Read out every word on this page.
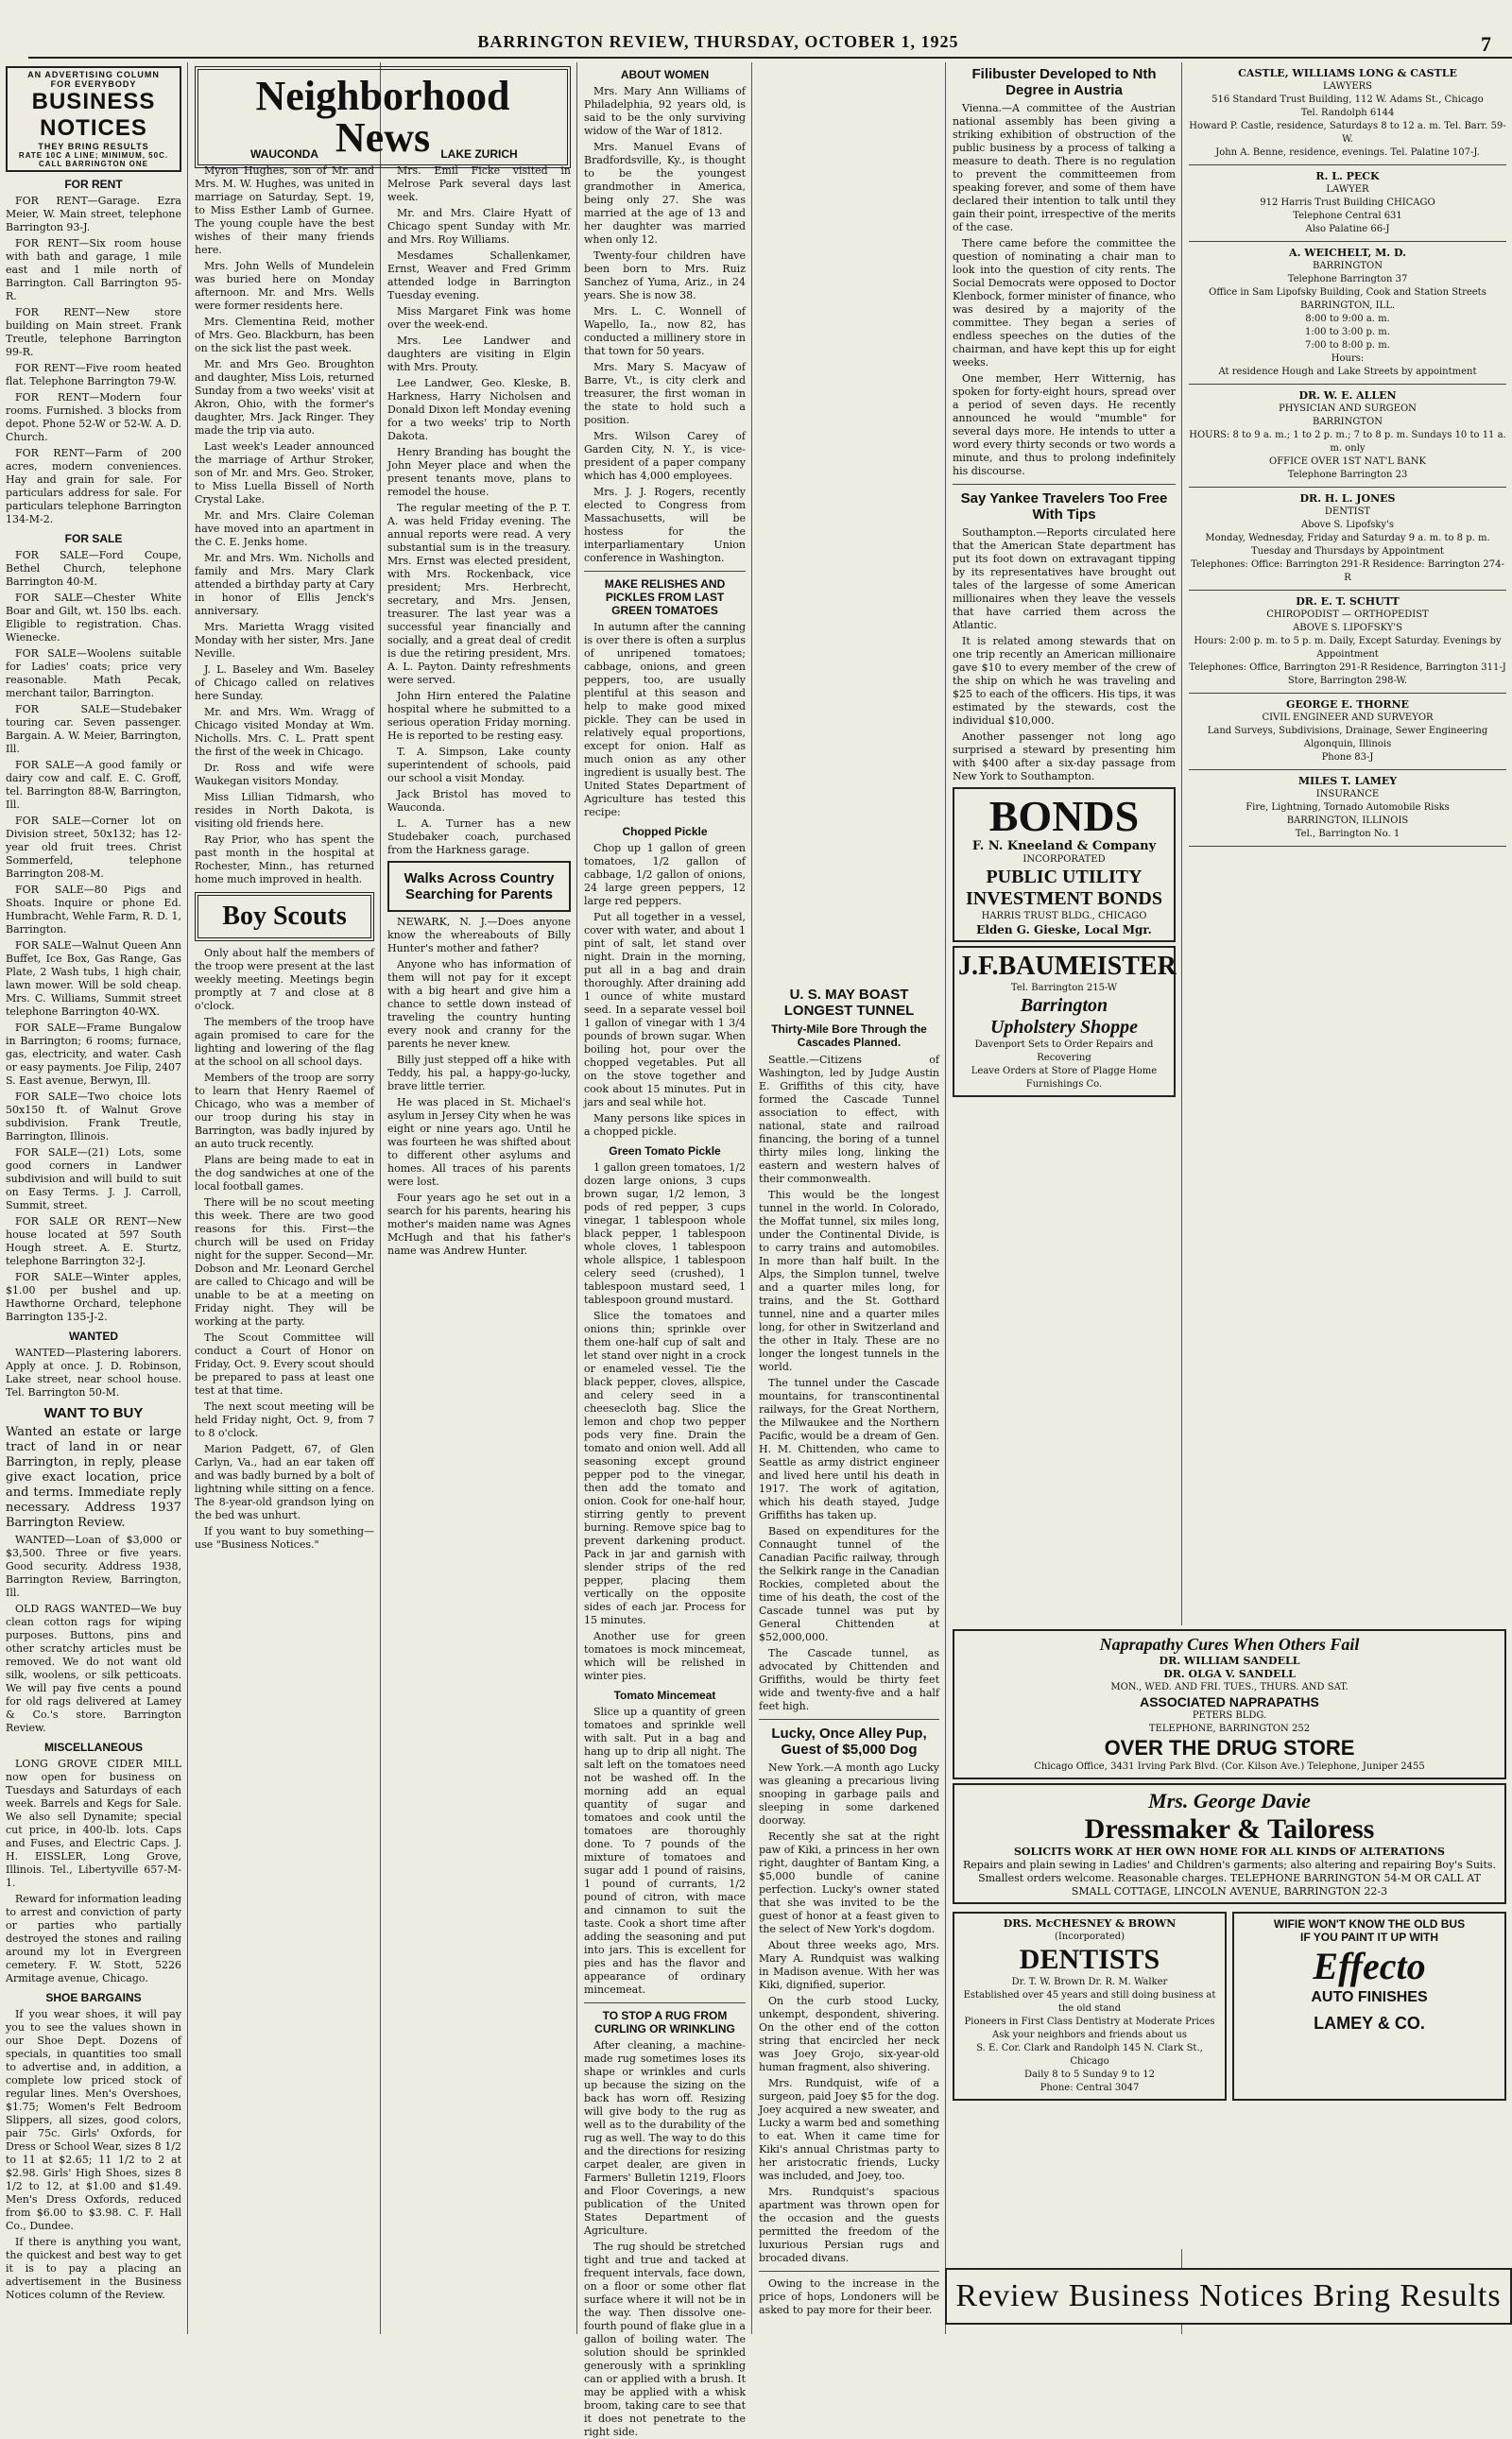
BARRINGTON REVIEW, THURSDAY, OCTOBER 1, 1925	7
AN ADVERTISING COLUMN
FOR EVERYBODY
BUSINESS NOTICES
THEY BRING RESULTS
RATE 10C A LINE; MINIMUM, 50C. CALL BARRINGTON ONE
FOR RENT

FOR RENT—Garage. Ezra Meier, W. Main street, telephone Barrington 93-J.

FOR RENT—Six room house with bath and garage, 1 mile east and 1 mile north of Barrington. Call Barrington 95-R.

FOR RENT—New store building on Main street. Frank Treutle, telephone Barrington 99-R.

FOR RENT—Five room heated flat. Telephone Barrington 79-W.

FOR RENT—Modern four rooms. Furnished. 3 blocks from depot. Phone 52-W or 52-W. A. D. Church.

FOR RENT—Farm of 200 acres, modern conveniences. Hay and grain for sale. For particulars address for sale. For particulars telephone Barrington 134-M-2.

FOR SALE

FOR SALE—Ford Coupe, Bethel Church, telephone Barrington 40-M.

FOR SALE—Chester White Boar and Gilt, wt. 150 lbs. each. Eligible to registration. Chas. Wienecke.

FOR SALE—Woolens suitable for Ladies' coats; price very reasonable. Math Pecak, merchant tailor, Barrington.

FOR SALE—Studebaker touring car. Seven passenger. Bargain. A. W. Meier, Barrington, Ill.

FOR SALE—A good family or dairy cow and calf. E. C. Groff, tel. Barrington 88-W, Barrington, Ill.

FOR SALE—Corner lot on Division street, 50x132; has 12-year old fruit trees. Christ Sommerfeld, telephone Barrington 208-M.

FOR SALE—80 Pigs and Shoats. Inquire or phone Ed. Humbracht, Wehle Farm, R. D. 1, Barrington.

FOR SALE—Walnut Queen Ann Buffet, Ice Box, Gas Range, Gas Plate, 2 Wash tubs, 1 high chair, lawn mower. Will be sold cheap. Mrs. C. Williams, Summit street telephone Barrington 40-WX.

FOR SALE—Frame Bungalow in Barrington; 6 rooms; furnace, gas, electricity, and water. Cash or easy payments. Joe Filip, 2407 S. East avenue, Berwyn, Ill.

FOR SALE—Two choice lots 50x150 ft. of Walnut Grove subdivision. Frank Treutle, Barrington, Illinois.

FOR SALE—(21) Lots, some good corners in Landwer subdivision and will build to suit on Easy Terms. J. J. Carroll, Summit, street.

FOR SALE OR RENT—New house located at 597 South Hough street. A. E. Sturtz, telephone Barrington 32-J.

FOR SALE—Winter apples, $1.00 per bushel and up. Hawthorne Orchard, telephone Barrington 135-J-2.

WANTED

WANTED—Plastering laborers. Apply at once. J. D. Robinson, Lake street, near school house. Tel. Barrington 50-M.

WANT TO BUY

Wanted an estate or large tract of land in or near Barrington, in reply, please give exact location, price and terms. Immediate reply necessary. Address 1937 Barrington Review.

WANTED—Loan of $3,000 or $3,500. Three or five years. Good security. Address 1938, Barrington Review, Barrington, Ill.

OLD RAGS WANTED—We buy clean cotton rags for wiping purposes. Buttons, pins and other scratchy articles must be removed. We do not want old silk, woolens, or silk petticoats. We will pay five cents a pound for old rags delivered at Lamey & Co.'s store. Barrington Review.

MISCELLANEOUS

LONG GROVE CIDER MILL now open for business on Tuesdays and Saturdays of each week. Barrels and Kegs for Sale. We also sell Dynamite; special cut price, in 400-lb. lots. Caps and Fuses, and Electric Caps. J. H. EISSLER, Long Grove, Illinois. Tel., Libertyville 657-M-1.

Reward for information leading to arrest and conviction of party or parties who partially destroyed the stones and railing around my lot in Evergreen cemetery. F. W. Stott, 5226 Armitage avenue, Chicago.

SHOE BARGAINS

If you wear shoes, it will pay you to see the values shown in our Shoe Dept. Dozens of specials, in quantities too small to advertise and, in addition, a complete low priced stock of regular lines. Men's Overshoes, $1.75; Women's Felt Bedroom Slippers, all sizes, good colors, pair 75c. Girls' Oxfords, for Dress or School Wear, sizes 8 1/2 to 11 at $2.65; 11 1/2 to 2 at $2.98. Girls' High Shoes, sizes 8 1/2 to 12, at $1.00 and $1.49. Men's Dress Oxfords, reduced from $6.00 to $3.98. C. F. Hall Co., Dundee.

If there is anything you want, the quickest and best way to get it is to pay a placing an advertisement in the Business Notices column of the Review.

Neighborhood News
WAUCONDA

Myron Hughes, son of Mr. and Mrs. M. W. Hughes, was united in marriage on Saturday, Sept. 19, to Miss Esther Lamb of Gurnee. The young couple have the best wishes of their many friends here.

Mrs. John Wells of Mundelein was buried here on Monday afternoon. Mr. and Mrs. Wells were former residents here.

Mrs. Clementina Reid, mother of Mrs. Geo. Blackburn, has been on the sick list the past week.

Mr. and Mrs Geo. Broughton and daughter, Miss Lois, returned Sunday from a two weeks' visit at Akron, Ohio, with the former's daughter, Mrs. Jack Ringer. They made the trip via auto.

Last week's Leader announced the marriage of Arthur Stroker, son of Mr. and Mrs. Geo. Stroker, to Miss Luella Bissell of North Crystal Lake.

Mr. and Mrs. Claire Coleman have moved into an apartment in the C. E. Jenks home.

Mr. and Mrs. Wm. Nicholls and family and Mrs. Mary Clark attended a birthday party at Cary in honor of Ellis Jenck's anniversary.

Mrs. Marietta Wragg visited Monday with her sister, Mrs. Jane Neville.

J. L. Baseley and Wm. Baseley of Chicago called on relatives here Sunday.

Mr. and Mrs. Wm. Wragg of Chicago visited Monday at Wm. Nicholls. Mrs. C. L. Pratt spent the first of the week in Chicago.

Dr. Ross and wife were Waukegan visitors Monday.

Miss Lillian Tidmarsh, who resides in North Dakota, is visiting old friends here.

Ray Prior, who has spent the past month in the hospital at Rochester, Minn., has returned home much improved in health.

Boy Scouts

Only about half the members of the troop were present at the last weekly meeting. Meetings begin promptly at 7 and close at 8 o'clock.

The members of the troop have again promised to care for the lighting and lowering of the flag at the school on all school days.

Members of the troop are sorry to learn that Henry Raemel of Chicago, who was a member of our troop during his stay in Barrington, was badly injured by an auto truck recently.

Plans are being made to eat in the dog sandwiches at one of the local football games.

There will be no scout meeting this week. There are two good reasons for this. First—the church will be used on Friday night for the supper. Second—Mr. Dobson and Mr. Leonard Gerchel are called to Chicago and will be unable to be at a meeting on Friday night. They will be working at the party.

The Scout Committee will conduct a Court of Honor on Friday, Oct. 9. Every scout should be prepared to pass at least one test at that time.

The next scout meeting will be held Friday night, Oct. 9, from 7 to 8 o'clock.

Marion Padgett, 67, of Glen Carlyn, Va., had an ear taken off and was badly burned by a bolt of lightning while sitting on a fence. The 8-year-old grandson lying on the bed was unhurt.

If you want to buy something—use "Business Notices."

LAKE ZURICH

Mrs. Emil Ficke visited in Melrose Park several days last week.

Mr. and Mrs. Claire Hyatt of Chicago spent Sunday with Mr. and Mrs. Roy Williams.

Mesdames Schallenkamer, Ernst, Weaver and Fred Grimm attended lodge in Barrington Tuesday evening.

Miss Margaret Fink was home over the week-end.

Mrs. Lee Landwer and daughters are visiting in Elgin with Mrs. Prouty.

Lee Landwer, Geo. Kleske, B. Harkness, Harry Nicholsen and Donald Dixon left Monday evening for a two weeks' trip to North Dakota.

Henry Branding has bought the John Meyer place and when the present tenants move, plans to remodel the house.

The regular meeting of the P. T. A. was held Friday evening. The annual reports were read. A very substantial sum is in the treasury. Mrs. Ernst was elected president, with Mrs. Rockenback, vice president; Mrs. Herbrecht, secretary, and Mrs. Jensen, treasurer. The last year was a successful year financially and socially, and a great deal of credit is due the retiring president, Mrs. A. L. Payton. Dainty refreshments were served.

John Hirn entered the Palatine hospital where he submitted to a serious operation Friday morning. He is reported to be resting easy.

T. A. Simpson, Lake county superintendent of schools, paid our school a visit Monday.

Jack Bristol has moved to Wauconda.

L. A. Turner has a new Studebaker coach, purchased from the Harkness garage.

Walks Across Country Searching for Parents

NEWARK, N. J.—Does anyone know the whereabouts of Billy Hunter's mother and father?

Anyone who has information of them will not pay for it except with a big heart and give him a chance to settle down instead of traveling the country hunting every nook and cranny for the parents he never knew.

Billy just stepped off a hike with Teddy, his pal, a happy-go-lucky, brave little terrier.

He was placed in St. Michael's asylum in Jersey City when he was eight or nine years ago. Until he was fourteen he was shifted about to different other asylums and homes. All traces of his parents were lost.

Four years ago he set out in a search for his parents, hearing his mother's maiden name was Agnes McHugh and that his father's name was Andrew Hunter.

ABOUT WOMEN

Mrs. Mary Ann Williams of Philadelphia, 92 years old, is said to be the only surviving widow of the War of 1812.

Mrs. Manuel Evans of Bradfordsville, Ky., is thought to be the youngest grandmother in America, being only 27. She was married at the age of 13 and her daughter was married when only 12.

Twenty-four children have been born to Mrs. Ruiz Sanchez of Yuma, Ariz., in 24 years. She is now 38.

Mrs. L. C. Wonnell of Wapello, Ia., now 82, has conducted a millinery store in that town for 50 years.

Mrs. Mary S. Macyaw of Barre, Vt., is city clerk and treasurer, the first woman in the state to hold such a position.

Mrs. Wilson Carey of Garden City, N. Y., is vice-president of a paper company which has 4,000 employees.

Mrs. J. J. Rogers, recently elected to Congress from Massachusetts, will be hostess for the interparliamentary Union conference in Washington.

MAKE RELISHES AND PICKLES FROM LAST GREEN TOMATOES

In autumn after the canning is over there is often a surplus of unripened tomatoes; cabbage, onions, and green peppers, too, are usually plentiful at this season and help to make good mixed pickle. They can be used in relatively equal proportions, except for onion. Half as much onion as any other ingredient is usually best. The United States Department of Agriculture has tested this recipe:

Chopped Pickle

Chop up 1 gallon of green tomatoes, 1/2 gallon of cabbage, 1/2 gallon of onions, 24 large green peppers, 12 large red peppers.

Put all together in a vessel, cover with water, and about 1 pint of salt, let stand over night. Drain in the morning, put all in a bag and drain thoroughly. After draining add 1 ounce of white mustard seed. In a separate vessel boil 1 gallon of vinegar with 1 3/4 pounds of brown sugar. When boiling hot, pour over the chopped vegetables. Put all on the stove together and cook about 15 minutes. Put in jars and seal while hot.

Many persons like spices in a chopped pickle.

Green Tomato Pickle

1 gallon green tomatoes, 1/2 dozen large onions, 3 cups brown sugar, 1/2 lemon, 3 pods of red pepper, 3 cups vinegar, 1 tablespoon whole black pepper, 1 tablespoon whole cloves, 1 tablespoon whole allspice, 1 tablespoon celery seed (crushed), 1 tablespoon mustard seed, 1 tablespoon ground mustard.

Slice the tomatoes and onions thin; sprinkle over them one-half cup of salt and let stand over night in a crock or enameled vessel. Tie the black pepper, cloves, allspice, and celery seed in a cheesecloth bag. Slice the lemon and chop two pepper pods very fine. Drain the tomato and onion well. Add all seasoning except ground pepper pod to the vinegar, then add the tomato and onion. Cook for one-half hour, stirring gently to prevent burning. Remove spice bag to prevent darkening product. Pack in jar and garnish with slender strips of the red pepper, placing them vertically on the opposite sides of each jar. Process for 15 minutes.

Another use for green tomatoes is mock mincemeat, which will be relished in winter pies.

Tomato Mincemeat

Slice up a quantity of green tomatoes and sprinkle well with salt. Put in a bag and hang up to drip all night. The salt left on the tomatoes need not be washed off. In the morning add an equal quantity of sugar and tomatoes and cook until the tomatoes are thoroughly done. To 7 pounds of the mixture of tomatoes and sugar add 1 pound of raisins, 1 pound of currants, 1/2 pound of citron, with mace and cinnamon to suit the taste. Cook a short time after adding the seasoning and put into jars. This is excellent for pies and has the flavor and appearance of ordinary mincemeat.

TO STOP A RUG FROM CURLING OR WRINKLING

After cleaning, a machine-made rug sometimes loses its shape or wrinkles and curls up because the sizing on the back has worn off. Resizing will give body to the rug as well as to the durability of the rug as well. The way to do this and the directions for resizing carpet dealer, are given in Farmers' Bulletin 1219, Floors and Floor Coverings, a new publication of the United States Department of Agriculture.

The rug should be stretched tight and true and tacked at frequent intervals, face down, on a floor or some other flat surface where it will not be in the way. Then dissolve one-fourth pound of flake glue in a gallon of boiling water. The solution should be sprinkled generously with a sprinkling can or applied with a brush. It may be applied with a whisk broom, taking care to see that it does not penetrate to the right side.

U. S. MAY BOAST LONGEST TUNNEL
Thirty-Mile Bore Through the Cascades Planned.

Seattle.—Citizens of Washington, led by Judge Austin E. Griffiths of this city, have formed the Cascade Tunnel association to effect, with national, state and railroad financing, the boring of a tunnel thirty miles long, linking the eastern and western halves of their commonwealth.

This would be the longest tunnel in the world. In Colorado, the Moffat tunnel, six miles long, under the Continental Divide, is to carry trains and automobiles. In more than half built. In the Alps, the Simplon tunnel, twelve and a quarter miles long, for trains, and the St. Gotthard tunnel, nine and a quarter miles long, for other in Switzerland and the other in Italy. These are no longer the longest tunnels in the world.

The tunnel under the Cascade mountains, for transcontinental railways, for the Great Northern, the Milwaukee and the Northern Pacific, would be a dream of Gen. H. M. Chittenden, who came to Seattle as army district engineer and lived here until his death in 1917. The work of agitation, which his death stayed, Judge Griffiths has taken up.

Based on expenditures for the Connaught tunnel of the Canadian Pacific railway, through the Selkirk range in the Canadian Rockies, completed about the time of his death, the cost of the Cascade tunnel was put by General Chittenden at $52,000,000.

The Cascade tunnel, as advocated by Chittenden and Griffiths, would be thirty feet wide and twenty-five and a half feet high.

Lucky, Once Alley Pup, Guest of $5,000 Dog

New York.—A month ago Lucky was gleaning a precarious living snooping in garbage pails and sleeping in some darkened doorway.

Recently she sat at the right paw of Kiki, a princess in her own right, daughter of Bantam King, a $5,000 bundle of canine perfection. Lucky's owner stated that she was invited to be the guest of honor at a feast given to the select of New York's dogdom.

About three weeks ago, Mrs. Mary A. Rundquist was walking in Madison avenue. With her was Kiki, dignified, superior.

On the curb stood Lucky, unkempt, despondent, shivering. On the other end of the cotton string that encircled her neck was Joey Grojo, six-year-old human fragment, also shivering.

Mrs. Rundquist, wife of a surgeon, paid Joey $5 for the dog. Joey acquired a new sweater, and Lucky a warm bed and something to eat. When it came time for Kiki's annual Christmas party to her aristocratic friends, Lucky was included, and Joey, too.

Mrs. Rundquist's spacious apartment was thrown open for the occasion and the guests permitted the freedom of the luxurious Persian rugs and brocaded divans.

Owing to the increase in the price of hops, Londoners will be asked to pay more for their beer.

Filibuster Developed to Nth Degree in Austria

Vienna.—A committee of the Austrian national assembly has been giving a striking exhibition of obstruction of the public business by a process of talking a measure to death. There is no regulation to prevent the committeemen from speaking forever, and some of them have declared their intention to talk until they gain their point, irrespective of the merits of the case.

There came before the committee the question of nominating a chair man to look into the question of city rents. The Social Democrats were opposed to Doctor Klenbock, former minister of finance, who was desired by a majority of the committee. They began a series of endless speeches on the duties of the chairman, and have kept this up for eight weeks.

One member, Herr Witternig, has spoken for forty-eight hours, spread over a period of seven days. He recently announced he would "mumble" for several days more. He intends to utter a word every thirty seconds or two words a minute, and thus to prolong indefinitely his discourse.

Say Yankee Travelers Too Free With Tips

Southampton.—Reports circulated here that the American State department has put its foot down on extravagant tipping by its representatives have brought out tales of the largesse of some American millionaires when they leave the vessels that have carried them across the Atlantic.

It is related among stewards that on one trip recently an American millionaire gave $10 to every member of the crew of the ship on which he was traveling and $25 to each of the officers. His tips, it was estimated by the stewards, cost the individual $10,000.

Another passenger not long ago surprised a steward by presenting him with $400 after a six-day passage from New York to Southampton.

BONDS
F. N. Kneeland & Company
INCORPORATED
PUBLIC UTILITY
INVESTMENT BONDS
HARRIS TRUST BLDG., CHICAGO
Elden G. Gieske, Local Mgr.
J.F.BAUMEISTER
Tel. Barrington 215-W
Barrington
Upholstery Shoppe
Davenport Sets to Order Repairs and Recovering
Leave Orders at Store of Plagge Home Furnishings Co.
CASTLE, WILLIAMS LONG & CASTLE
LAWYERS
516 Standard Trust Building, 112 W. Adams St., Chicago
Tel. Randolph 6144
Howard P. Castle, residence, Saturdays 8 to 12 a. m. Tel. Barr. 59-W.
John A. Benne, residence, evenings. Tel. Palatine 107-J.
R. L. PECK
LAWYER
912 Harris Trust Building CHICAGO
Telephone Central 631
Also Palatine 66-J
A. WEICHELT, M. D.
BARRINGTON
Telephone Barrington 37
Office in Sam Lipofsky Building, Cook and Station Streets
BARRINGTON, ILL.
8:00 to 9:00 a. m.
1:00 to 3:00 p. m.
7:00 to 8:00 p. m.
Hours:
At residence Hough and Lake Streets by appointment
DR. W. E. ALLEN
PHYSICIAN AND SURGEON
BARRINGTON
HOURS: 8 to 9 a. m.; 1 to 2 p. m.; 7 to 8 p. m. Sundays 10 to 11 a. m. only
OFFICE OVER 1ST NAT'L BANK
Telephone Barrington 23
DR. H. L. JONES
DENTIST
Above S. Lipofsky's
Monday, Wednesday, Friday and Saturday 9 a. m. to 8 p. m. Tuesday and Thursdays by Appointment
Telephones: Office: Barrington 291-R Residence: Barrington 274-R
DR. E. T. SCHUTT
CHIROPODIST — ORTHOPEDIST
ABOVE S. LIPOFSKY'S
Hours: 2:00 p. m. to 5 p. m. Daily, Except Saturday. Evenings by Appointment
Telephones: Office, Barrington 291-R Residence, Barrington 311-J Store, Barrington 298-W.
GEORGE E. THORNE
CIVIL ENGINEER AND SURVEYOR
Land Surveys, Subdivisions, Drainage, Sewer Engineering
Algonquin, Illinois
Phone 83-J
MILES T. LAMEY
INSURANCE
Fire, Lightning, Tornado Automobile Risks
BARRINGTON, ILLINOIS
Tel., Barrington No. 1
Naprapathy Cures When Others Fail
DR. WILLIAM SANDELL
DR. OLGA V. SANDELL
MON., WED. AND FRI. TUES., THURS. AND SAT.
ASSOCIATED NAPRAPATHS
PETERS BLDG.
TELEPHONE, BARRINGTON 252
OVER THE DRUG STORE
Chicago Office, 3431 Irving Park Blvd. (Cor. Kilson Ave.) Telephone, Juniper 2455
Mrs. George Davie
Dressmaker & Tailoress
SOLICITS WORK AT HER OWN HOME FOR ALL KINDS OF ALTERATIONS
Repairs and plain sewing in Ladies' and Children's garments; also altering and repairing Boy's Suits. Smallest orders welcome. Reasonable charges. TELEPHONE BARRINGTON 54-M OR CALL AT SMALL COTTAGE, LINCOLN AVENUE, BARRINGTON 22-3
DRS. McCHESNEY & BROWN
(Incorporated)
DENTISTS
Dr. T. W. Brown Dr. R. M. Walker
Established over 45 years and still doing business at the old stand
Pioneers in First Class Dentistry at Moderate Prices
Ask your neighbors and friends about us
S. E. Cor. Clark and Randolph 145 N. Clark St., Chicago
Daily 8 to 5 Sunday 9 to 12
Phone: Central 3047
WIFIE WON'T KNOW THE OLD BUS
IF YOU PAINT IT UP WITH
Effecto
AUTO FINISHES
LAMEY & CO.
Review Business Notices Bring Results
